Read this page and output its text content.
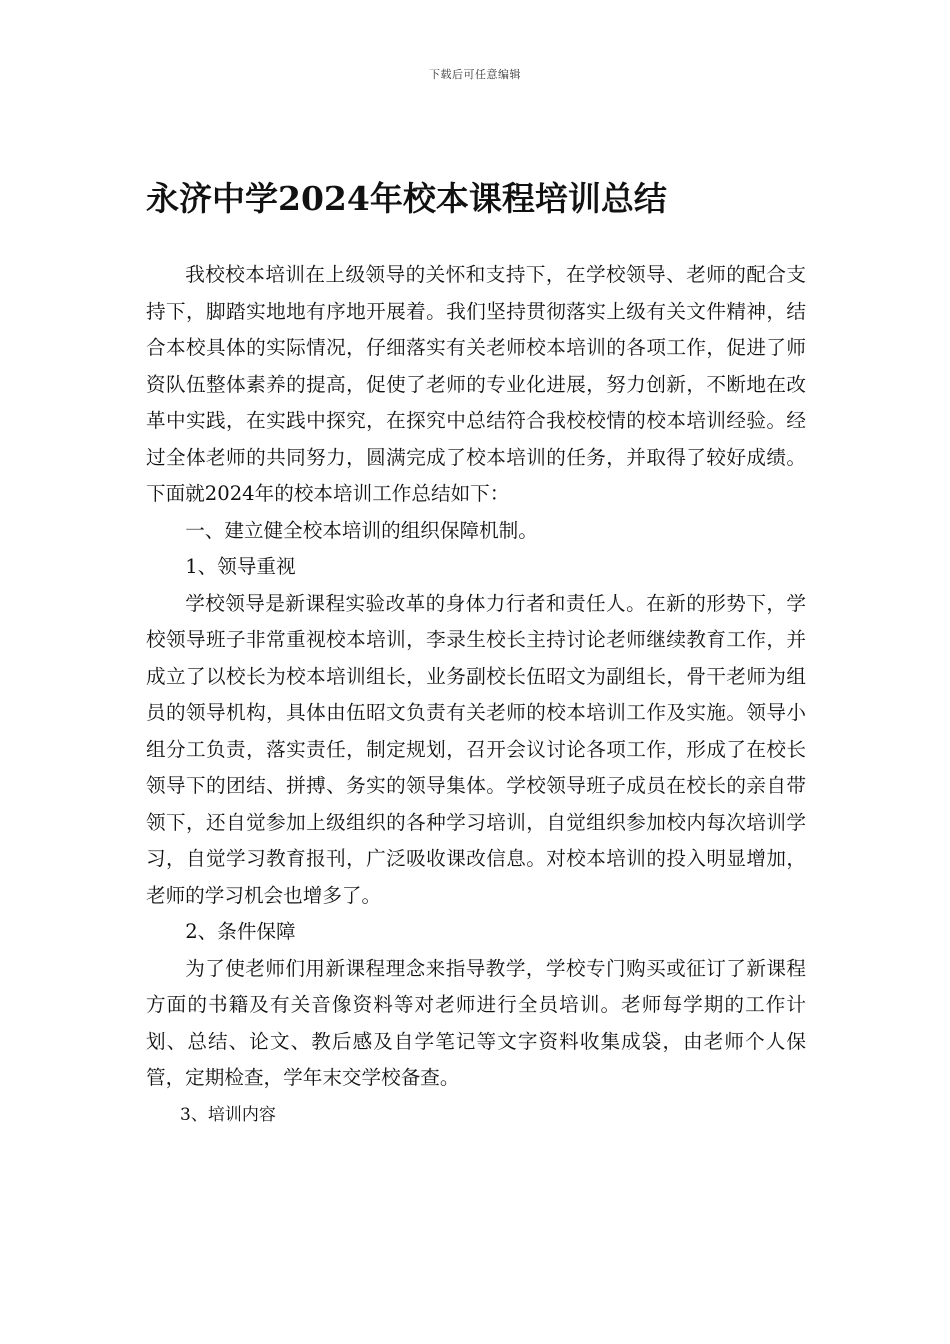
下载后可任意编辑
永济中学2024年校本课程培训总结

我校校本培训在上级领导的关怀和支持下，在学校领导、老师的配合支持下，脚踏实地地有序地开展着。我们坚持贯彻落实上级有关文件精神，结合本校具体的实际情况，仔细落实有关老师校本培训的各项工作，促进了师资队伍整体素养的提高，促使了老师的专业化进展，努力创新，不断地在改革中实践，在实践中探究，在探究中总结符合我校校情的校本培训经验。经过全体老师的共同努力，圆满完成了校本培训的任务，并取得了较好成绩。下面就2024年的校本培训工作总结如下：

一、建立健全校本培训的组织保障机制。

1、领导重视

学校领导是新课程实验改革的身体力行者和责任人。在新的形势下，学校领导班子非常重视校本培训，李录生校长主持讨论老师继续教育工作，并成立了以校长为校本培训组长，业务副校长伍昭文为副组长，骨干老师为组员的领导机构，具体由伍昭文负责有关老师的校本培训工作及实施。领导小组分工负责，落实责任，制定规划，召开会议讨论各项工作，形成了在校长领导下的团结、拼搏、务实的领导集体。学校领导班子成员在校长的亲自带领下，还自觉参加上级组织的各种学习培训，自觉组织参加校内每次培训学习，自觉学习教育报刊，广泛吸收课改信息。对校本培训的投入明显增加，老师的学习机会也增多了。

2、条件保障

为了使老师们用新课程理念来指导教学，学校专门购买或征订了新课程方面的书籍及有关音像资料等对老师进行全员培训。老师每学期的工作计划、总结、论文、教后感及自学笔记等文字资料收集成袋，由老师个人保管，定期检查，学年末交学校备查。

3、培训内容
